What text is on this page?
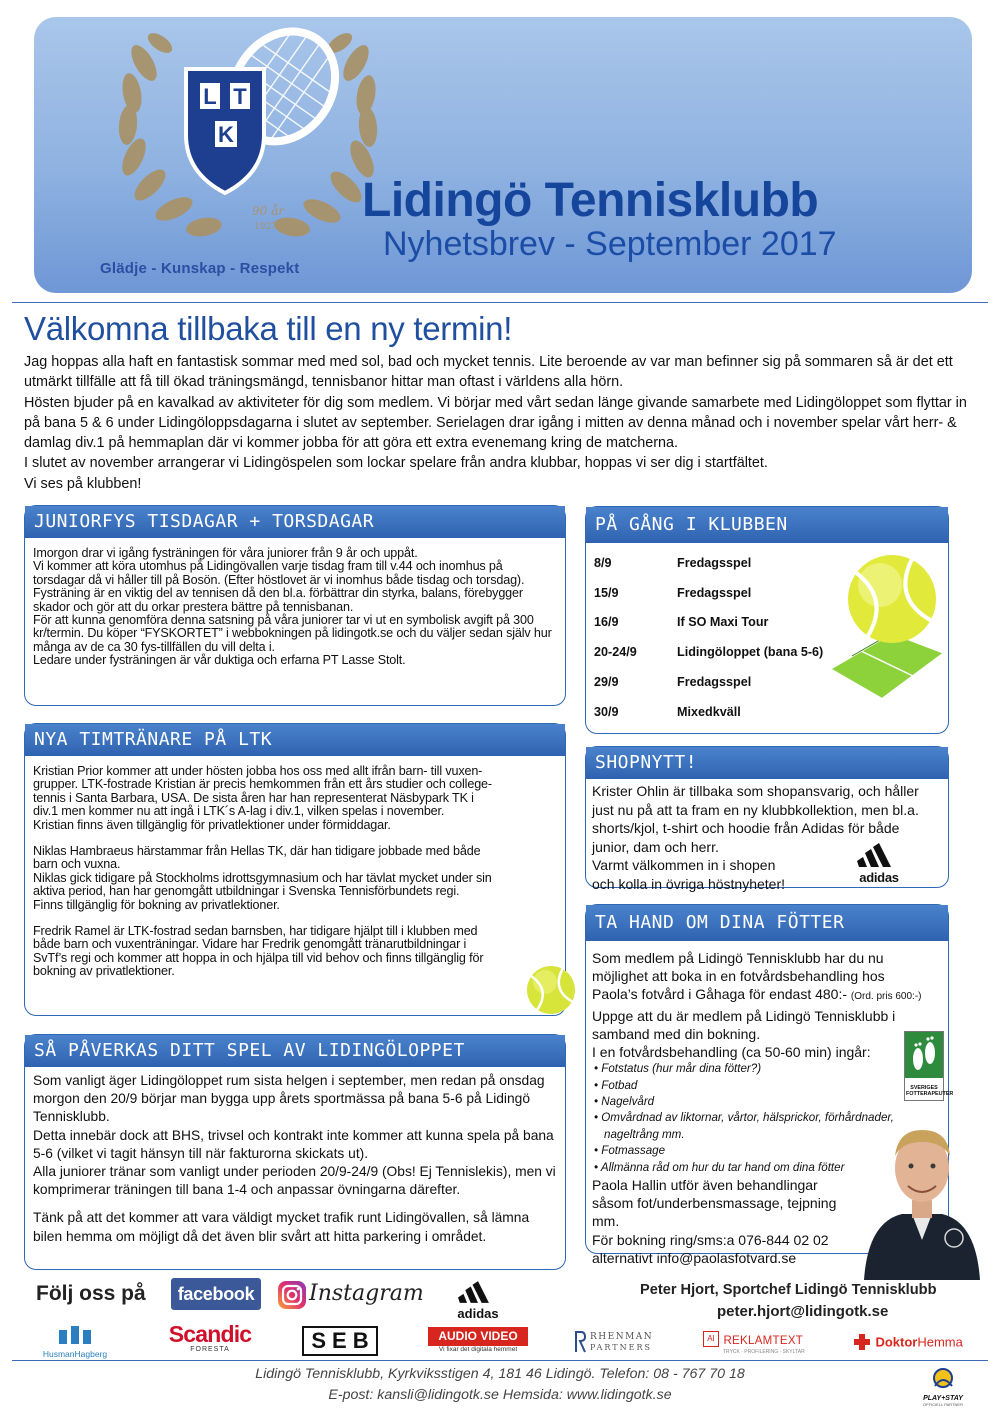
L T
K
90 år
1927
Glädje - Kunskap - Respekt
Lidingö Tennisklubb
Nyhetsbrev - September 2017
Välkomna tillbaka till en ny termin!

Jag hoppas alla haft en fantastisk sommar med med sol, bad och mycket tennis. Lite beroende av var man befinner sig på sommaren så är det ett utmärkt tillfälle att få till ökad träningsmängd, tennisbanor hittar man oftast i världens alla hörn.

Hösten bjuder på en kavalkad av aktiviteter för dig som medlem. Vi börjar med vårt sedan länge givande samarbete med Lidingöloppet som flyttar in på bana 5 & 6 under Lidingöloppsdagarna i slutet av september. Serielagen drar igång i mitten av denna månad och i november spelar vårt herr- & damlag div.1 på hemmaplan där vi kommer jobba för att göra ett extra evenemang kring de matcherna.

I slutet av november arrangerar vi Lidingöspelen som lockar spelare från andra klubbar, hoppas vi ser dig i startfältet.

Vi ses på klubben!

JUNIORFYS TISDAGAR + TORSDAGAR

Imorgon drar vi igång fysträningen för våra juniorer från 9 år och uppåt.

Vi kommer att köra utomhus på Lidingövallen varje tisdag fram till v.44 och inomhus på torsdagar då vi håller till på Bosön. (Efter höstlovet är vi inomhus både tisdag och torsdag).

Fysträning är en viktig del av tennisen då den bl.a. förbättrar din styrka, balans, förebygger skador och gör att du orkar prestera bättre på tennisbanan.

För att kunna genomföra denna satsning på våra juniorer tar vi ut en symbolisk avgift på 300 kr/termin. Du köper “FYSKORTET” i webbokningen på lidingotk.se och du väljer sedan själv hur många av de ca 30 fys-tillfällen du vill delta i.

Ledare under fysträningen är vår duktiga och erfarna PT Lasse Stolt.

NYA TIMTRÄNARE PÅ LTK

Kristian Prior kommer att under hösten jobba hos oss med allt ifrån barn- till vuxen-grupper. LTK-fostrade Kristian är precis hemkommen från ett års studier och college-tennis i Santa Barbara, USA. De sista åren har han representerat Näsbypark TK i div.1 men kommer nu att ingå i LTK´s A-lag i div.1, vilken spelas i november.

Kristian finns även tillgänglig för privatlektioner under förmiddagar.

Niklas Hambraeus härstammar från Hellas TK, där han tidigare jobbade med både barn och vuxna.

Niklas gick tidigare på Stockholms idrottsgymnasium och har tävlat mycket under sin aktiva period, han har genomgått utbildningar i Svenska Tennisförbundets regi.

Finns tillgänglig för bokning av privatlektioner.

Fredrik Ramel är LTK-fostrad sedan barnsben, har tidigare hjälpt till i klubben med både barn och vuxenträningar. Vidare har Fredrik genomgått tränarutbildningar i SvTf’s regi och kommer att hoppa in och hjälpa till vid behov och finns tillgänglig för bokning av privatlektioner.

SÅ PÅVERKAS DITT SPEL AV LIDINGÖLOPPET

Som vanligt äger Lidingöloppet rum sista helgen i september, men redan på onsdag morgon den 20/9 börjar man bygga upp årets sportmässa på bana 5-6 på Lidingö Tennisklubb.

Detta innebär dock att BHS, trivsel och kontrakt inte kommer att kunna spela på bana 5-6 (vilket vi tagit hänsyn till när fakturorna skickats ut).

Alla juniorer tränar som vanligt under perioden 20/9-24/9 (Obs! Ej Tennislekis), men vi komprimerar träningen till bana 1-4 och anpassar övningarna därefter.

Tänk på att det kommer att vara väldigt mycket trafik runt Lidingövallen, så lämna bilen hemma om möjligt då det även blir svårt att hitta parkering i området.

PÅ GÅNG I KLUBBEN
8/9	Fredagsspel
15/9	Fredagsspel
16/9	If SO Maxi Tour
20-24/9	Lidingöloppet (bana 5-6)
29/9	Fredagsspel
30/9	Mixedkväll
SHOPNYTT!

Krister Ohlin är tillbaka som shopansvarig, och håller just nu på att ta fram en ny klubbkollektion, men bl.a. shorts/kjol, t-shirt och hoodie från Adidas för både junior, dam och herr.

Varmt välkommen in i shopen

och kolla in övriga höstnyheter!	adidas
TA HAND OM DINA FÖTTER

Som medlem på Lidingö Tennisklubb har du nu möjlighet att boka in en fotvårdsbehandling hos Paola’s fotvård i Gåhaga för endast 480:- (Ord. pris 600:-)

Uppge att du är medlem på Lidingö Tennisklubb i samband med din bokning.

I en fotvårdsbehandling (ca 50-60 min) ingår:

• Fotstatus (hur mår dina fötter?)

• Fotbad

• Nagelvård

• Omvårdnad av liktornar, vårtor, hälsprickor, förhårdnader,

nageltrång mm.

• Fotmassage

• Allmänna råd om hur du tar hand om dina fötter

Paola Hallin utför även behandlingar såsom fot/underbensmassage, tejpning mm.

För bokning ring/sms:a 076-844 02 02

alternativt info@paolasfotvard.se

SVERIGES FOTTERAPEUTER
Följ oss på	facebook	Instagram
adidas
Peter Hjort, Sportchef Lidingö Tennisklubb
peter.hjort@lidingotk.se
HusmanHagberg
Scandic
FORESTA	SEB	AUDIO VIDEO
Vi fixar det digitala hemmet
RHENMAN
PARTNERS
AI REKLAMTEXT
TRYCK · PROFILERING · SKYLTAR
DoktorHemma
Lidingö Tennisklubb, Kyrkviksstigen 4, 181 46 Lidingö. Telefon: 08 - 767 70 18
E-post: kansli@lidingotk.se Hemsida: www.lidingotk.se	PLAY+STAY
OFFICIELL PARTNER
